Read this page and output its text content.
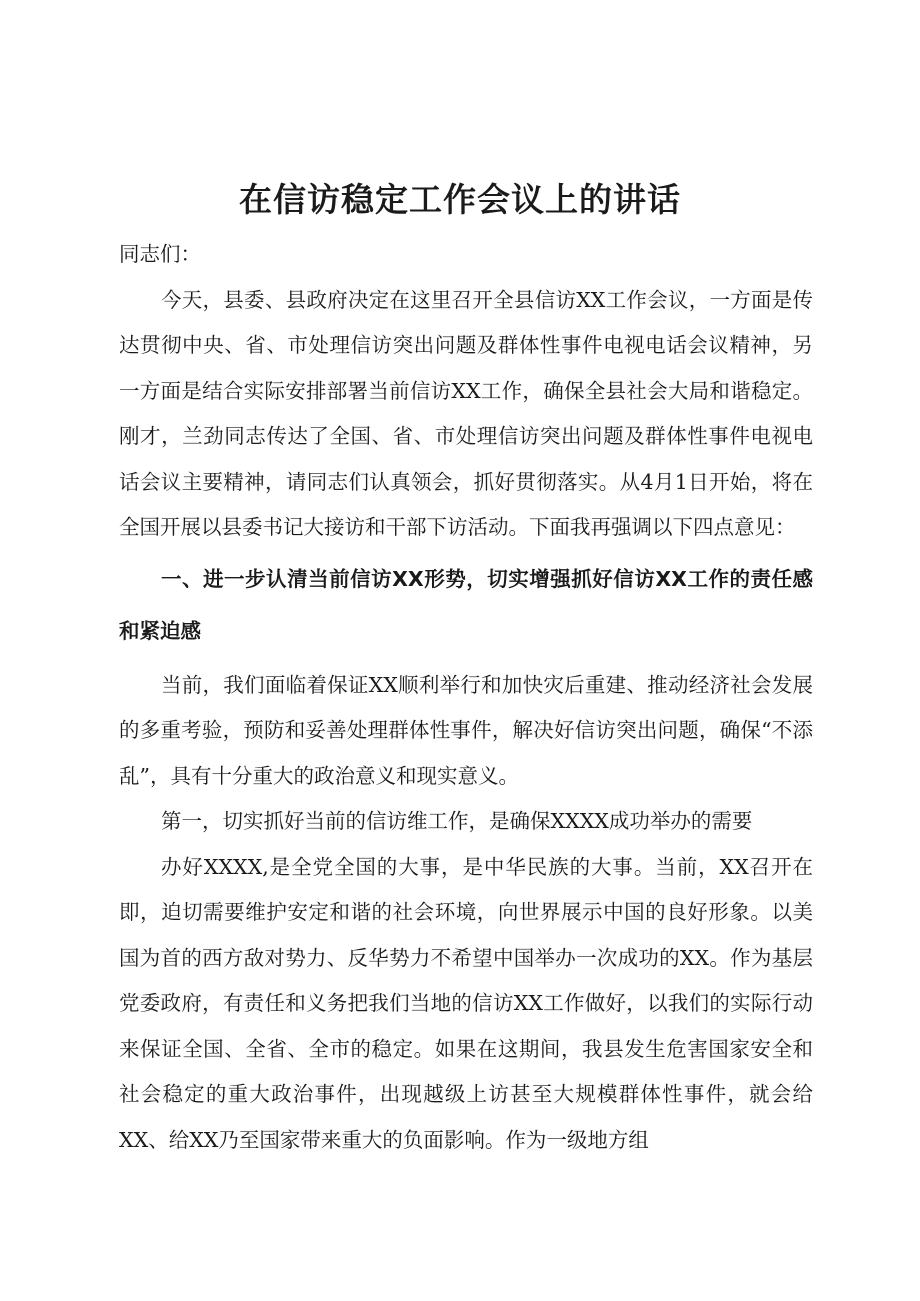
在信访稳定工作会议上的讲话

同志们：

今天，县委、县政府决定在这里召开全县信访XX工作会议，一方面是传达贯彻中央、省、市处理信访突出问题及群体性事件电视电话会议精神，另一方面是结合实际安排部署当前信访XX工作，确保全县社会大局和谐稳定。刚才，兰劲同志传达了全国、省、市处理信访突出问题及群体性事件电视电话会议主要精神，请同志们认真领会，抓好贯彻落实。从4月1日开始，将在全国开展以县委书记大接访和干部下访活动。下面我再强调以下四点意见：

一、进一步认清当前信访XX形势，切实增强抓好信访XX工作的责任感和紧迫感

当前，我们面临着保证XX顺利举行和加快灾后重建、推动经济社会发展的多重考验，预防和妥善处理群体性事件，解决好信访突出问题，确保“不添乱”，具有十分重大的政治意义和现实意义。

第一，切实抓好当前的信访维工作，是确保XXXX成功举办的需要

办好XXXX,是全党全国的大事，是中华民族的大事。当前，XX召开在即，迫切需要维护安定和谐的社会环境，向世界展示中国的良好形象。以美国为首的西方敌对势力、反华势力不希望中国举办一次成功的XX。作为基层党委政府，有责任和义务把我们当地的信访XX工作做好，以我们的实际行动来保证全国、全省、全市的稳定。如果在这期间，我县发生危害国家安全和社会稳定的重大政治事件，出现越级上访甚至大规模群体性事件，就会给XX、给XX乃至国家带来重大的负面影响。作为一级地方组
